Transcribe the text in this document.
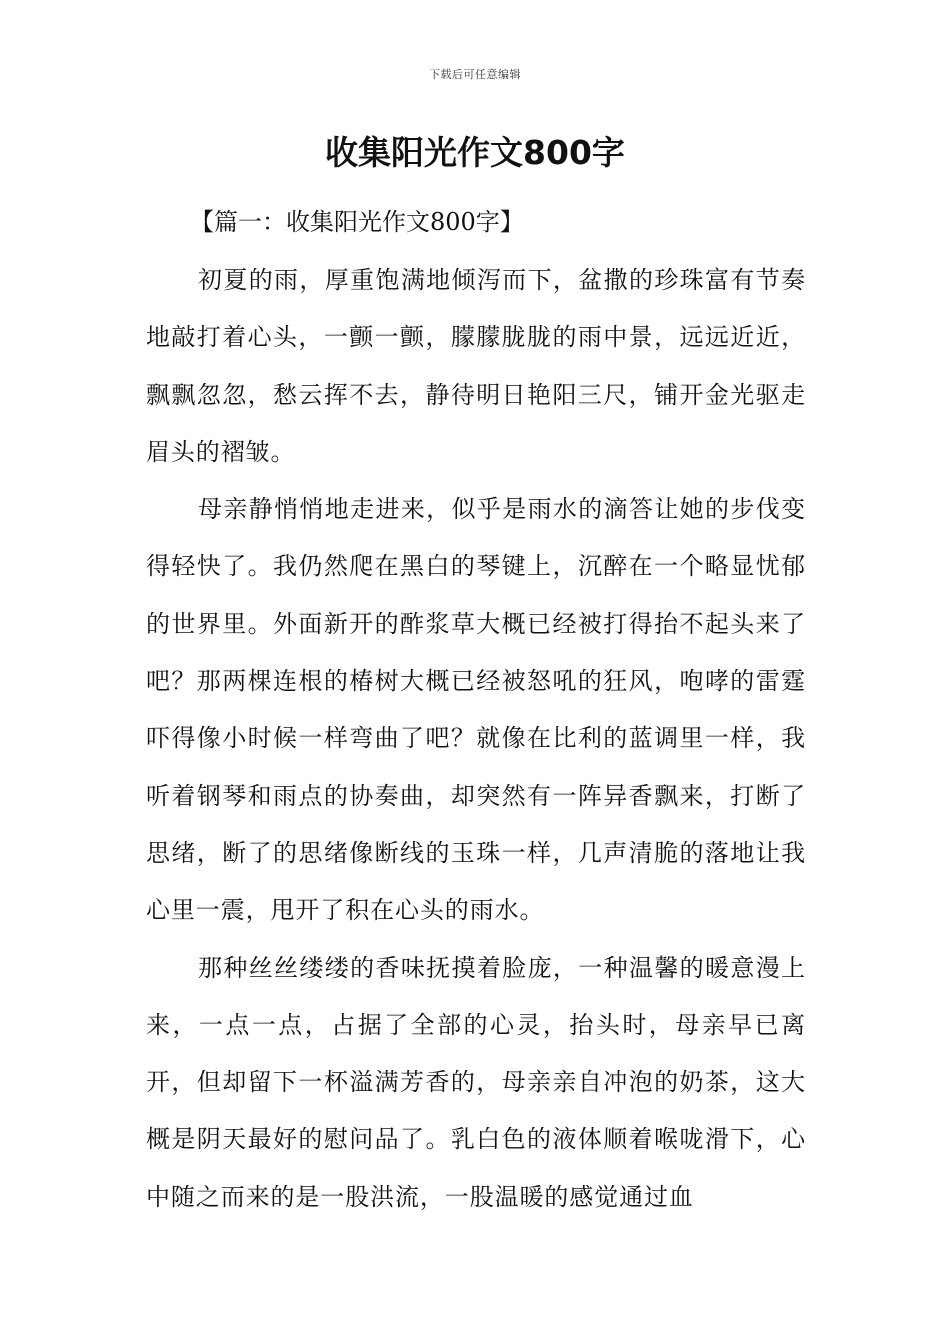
下载后可任意编辑
收集阳光作文800字
【篇一：收集阳光作文800字】

初夏的雨，厚重饱满地倾泻而下，盆撒的珍珠富有节奏地敲打着心头，一颤一颤，朦朦胧胧的雨中景，远远近近，飘飘忽忽，愁云挥不去，静待明日艳阳三尺，铺开金光驱走眉头的褶皱。

母亲静悄悄地走进来，似乎是雨水的滴答让她的步伐变得轻快了。我仍然爬在黑白的琴键上，沉醉在一个略显忧郁的世界里。外面新开的酢浆草大概已经被打得抬不起头来了吧？那两棵连根的椿树大概已经被怒吼的狂风，咆哮的雷霆吓得像小时候一样弯曲了吧？就像在比利的蓝调里一样，我听着钢琴和雨点的协奏曲，却突然有一阵异香飘来，打断了思绪，断了的思绪像断线的玉珠一样，几声清脆的落地让我心里一震，甩开了积在心头的雨水。

那种丝丝缕缕的香味抚摸着脸庞，一种温馨的暖意漫上来，一点一点，占据了全部的心灵，抬头时，母亲早已离开，但却留下一杯溢满芳香的，母亲亲自冲泡的奶茶，这大概是阴天最好的慰问品了。乳白色的液体顺着喉咙滑下，心中随之而来的是一股洪流，一股温暖的感觉通过血
